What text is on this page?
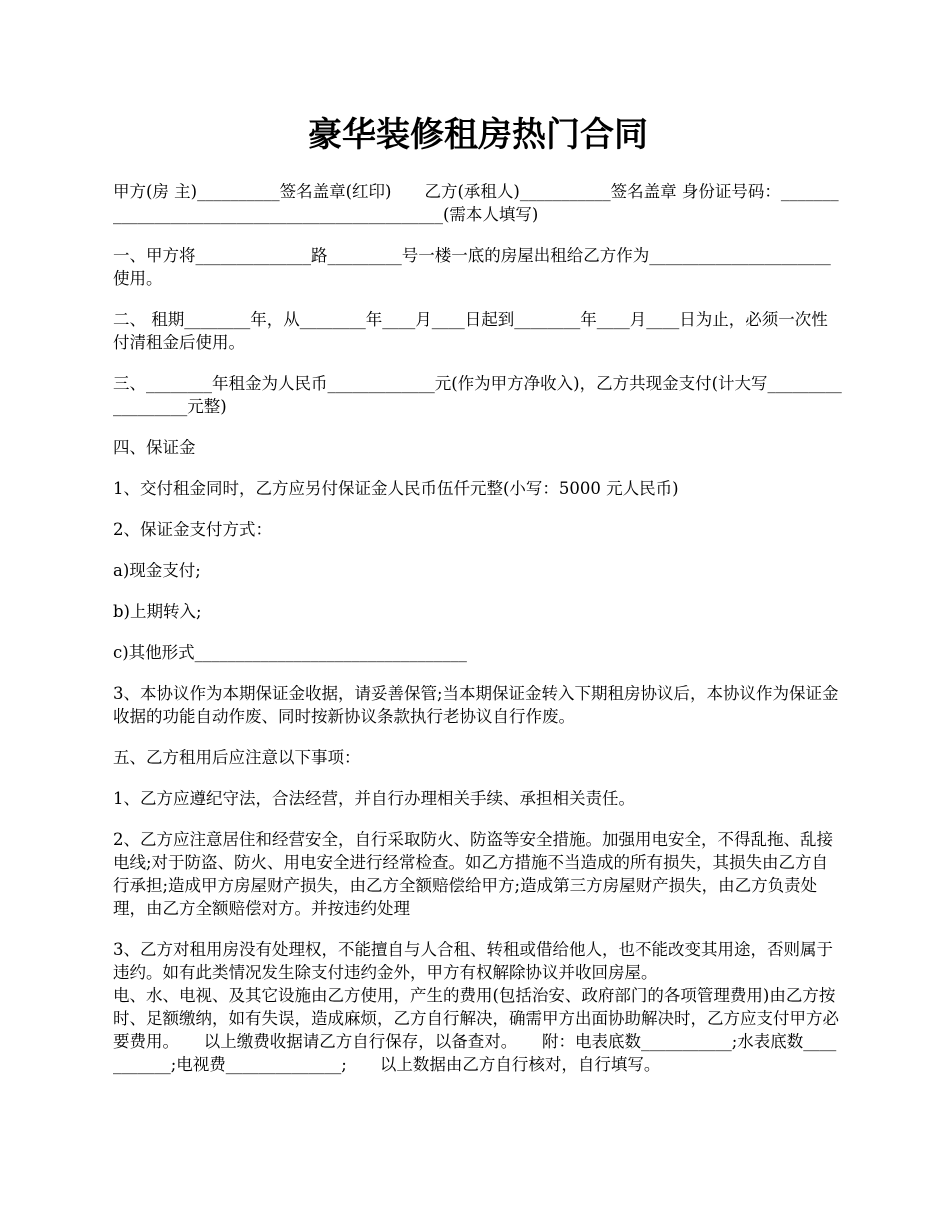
豪华装修租房热门合同

甲方(房 主)__________签名盖章(红印)　　乙方(承租人)___________签名盖章 身份证号码：_______________________________________________(需本人填写)

一、甲方将______________路_________号一楼一底的房屋出租给乙方作为______________________使用。

二、 租期________年，从________年____月____日起到________年____月____日为止，必须一次性付清租金后使用。

三、________年租金为人民币_____________元(作为甲方净收入)，乙方共现金支付(计大写__________________元整)

四、保证金

1、交付租金同时，乙方应另付保证金人民币伍仟元整(小写：5000 元人民币)

2、保证金支付方式：

a)现金支付;

b)上期转入;

c)其他形式_________________________________

3、本协议作为本期保证金收据，请妥善保管;当本期保证金转入下期租房协议后，本协议作为保证金收据的功能自动作废、同时按新协议条款执行老协议自行作废。

五、乙方租用后应注意以下事项：

1、乙方应遵纪守法，合法经营，并自行办理相关手续、承担相关责任。

2、乙方应注意居住和经营安全，自行采取防火、防盗等安全措施。加强用电安全，不得乱拖、乱接电线;对于防盗、防火、用电安全进行经常检查。如乙方措施不当造成的所有损失，其损失由乙方自行承担;造成甲方房屋财产损失，由乙方全额赔偿给甲方;造成第三方房屋财产损失，由乙方负责处理，由乙方全额赔偿对方。并按违约处理

3、乙方对租用房没有处理权，不能擅自与人合租、转租或借给他人，也不能改变其用途，否则属于违约。如有此类情况发生除支付违约金外，甲方有权解除协议并收回房屋。

电、水、电视、及其它设施由乙方使用，产生的费用(包括治安、政府部门的各项管理费用)由乙方按时、足额缴纳，如有失误，造成麻烦，乙方自行解决，确需甲方出面协助解决时，乙方应支付甲方必要费用。　　以上缴费收据请乙方自行保存，以备查对。　　附：电表底数___________;水表底数___________;电视费______________;　　以上数据由乙方自行核对，自行填写。
